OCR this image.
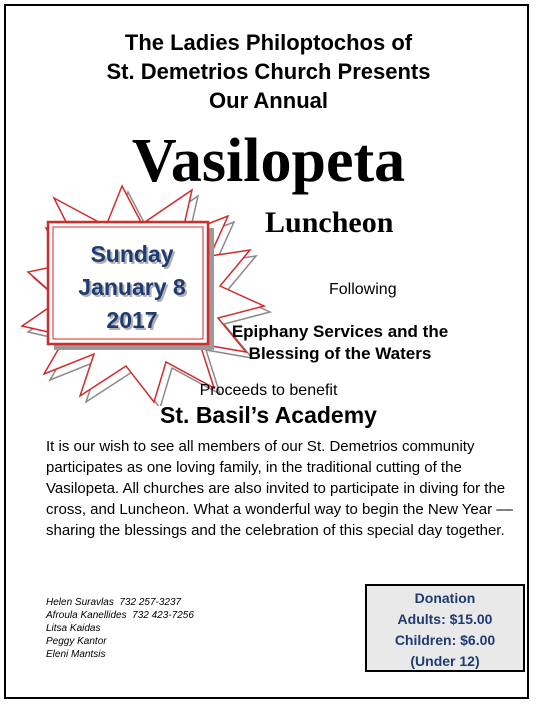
The Ladies Philoptochos of
St. Demetrios Church Presents
Our Annual
Vasilopeta
Luncheon
Sunday
January 8
2017
Following
Epiphany Services and the
Blessing of the Waters
Proceeds to benefit
St. Basil’s Academy
It is our wish to see all members of our St. Demetrios community participates as one loving family, in the traditional cutting of the Vasilopeta. All churches are also invited to participate in diving for the cross, and Luncheon. What a wonderful way to begin the New Year –– sharing the blessings and the celebration of this special day together.
Helen Suravlas  732 257-3237
Afroula Kanellides  732 423-7256
Litsa Kaidas
Peggy Kantor
Eleni Mantsis
Donation
Adults: $15.00
Children: $6.00
(Under 12)
